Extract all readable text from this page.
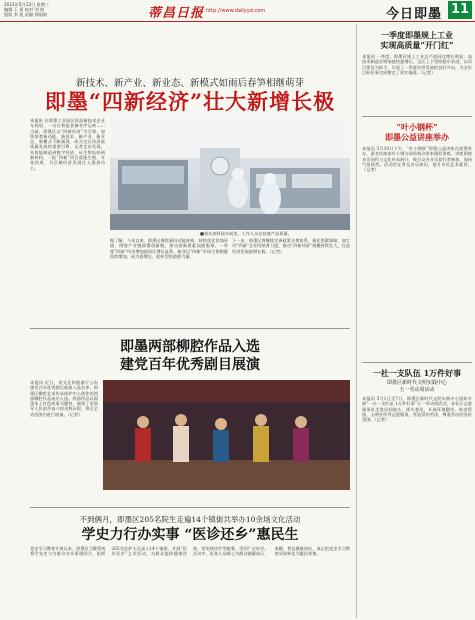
2021年5月12日 星期三
编辑 王 嘉 校对 刘 倩
组版 李 旭 责编 徐丽娟	蒂昌日报 http://www.dailyyd.com	今日即墨 11
新技术、新产业、新业态、新模式如雨后春笋相继萌芽
即墨“四新经济”壮大新增长极
本报讯 在即墨工业园区的高新技术企业车间里，一台台智能装备有序运转……当前，即墨区以“四新经济”为引领，加快培育新动能，新技术、新产业、新业态、新模式不断涌现，成为全区经济高质量发展的重要引擎。记者走访发现，从智能制造到数字经济，从生物医药到新材料，一批“四新”项目落地生根、开花结果，为区域经济发展注入强劲动力。
■鲁东泰科技车间里，工作人员在检查产品质量。
据了解，今年以来，即墨区聚焦新旧动能转换，持续优化营商环境，围绕产业链部署创新链，推动创新要素加速集聚。一季度“四新”经济增加值同比增长显著，新登记“四新”市场主体数量持续增加，成为稳增长、促转型的重要力量。
下一步，即墨区将继续完善政策支撑体系，强化要素保障，加大对“四新”企业的培育力度，推动“四新经济”规模持续壮大，打造经济发展新增长极。（记者）
即墨两部柳腔作品入选
建党百年优秀剧目展演
本报讯 近日，省文化和旅游厅公布建党百年优秀剧目展演入选名单，即墨区柳腔艺术传承保护中心创作的两部柳腔作品成功入选。两部作品以即墨本土红色故事为题材，展现了党领导人民艰苦奋斗的光辉历程，将在全省范围内进行展演。（记者）
不到俩月，即墨区205名院生走遍14个镇街共举办10余场文化活动
学史力行办实事 “医诊还乡”惠民生
党史学习教育开展以来，即墨区卫健系统将学党史与为群众办实事相结合，组织205名医护人员深入14个镇街，开展“医诊还乡”义诊活动，为群众提供健康咨询、常见病诊疗等服务，受到广泛好评。活动中，医务人员耐心为群众测量血压、血糖，普及健康知识，真正把党史学习教育成果转化为惠民举措。
一季度即墨规上工业
实现高质量“开门红”
本报讯 一季度，即墨区规上工业总产值同比增长明显，高技术制造业增加值快速增长。全区上下坚持稳中求进，以项目建设为抓手，实现了一季度经济发展的良好开局，为全年目标任务完成奠定了坚实基础。（记者）
“叶小钢杯”
即墨公益讲座举办
本报讯 5月10日下午，“叶小钢杯”即墨公益讲座在即墨举办，著名作曲家叶小钢为现场观众带来精彩讲座。讲座围绕音乐创作与文化传承展开，吸引众多音乐爱好者参加，现场气氛热烈。活动旨在普及音乐知识，提升市民艺术素养。（记者）
一社一支队伍 1万件好事
即墨区新时代文明实践中心
五一劳动周活动
本报讯 5月1日至7日，即墨区新时代文明实践中心组织开展“一社一支队伍 1万件好事”五一劳动周活动，各社区志愿服务队走进田间地头、街头巷尾，开展环境整治、助老帮困、文明宣传等志愿服务，营造崇尚劳动、尊重劳动的良好氛围。（记者）
